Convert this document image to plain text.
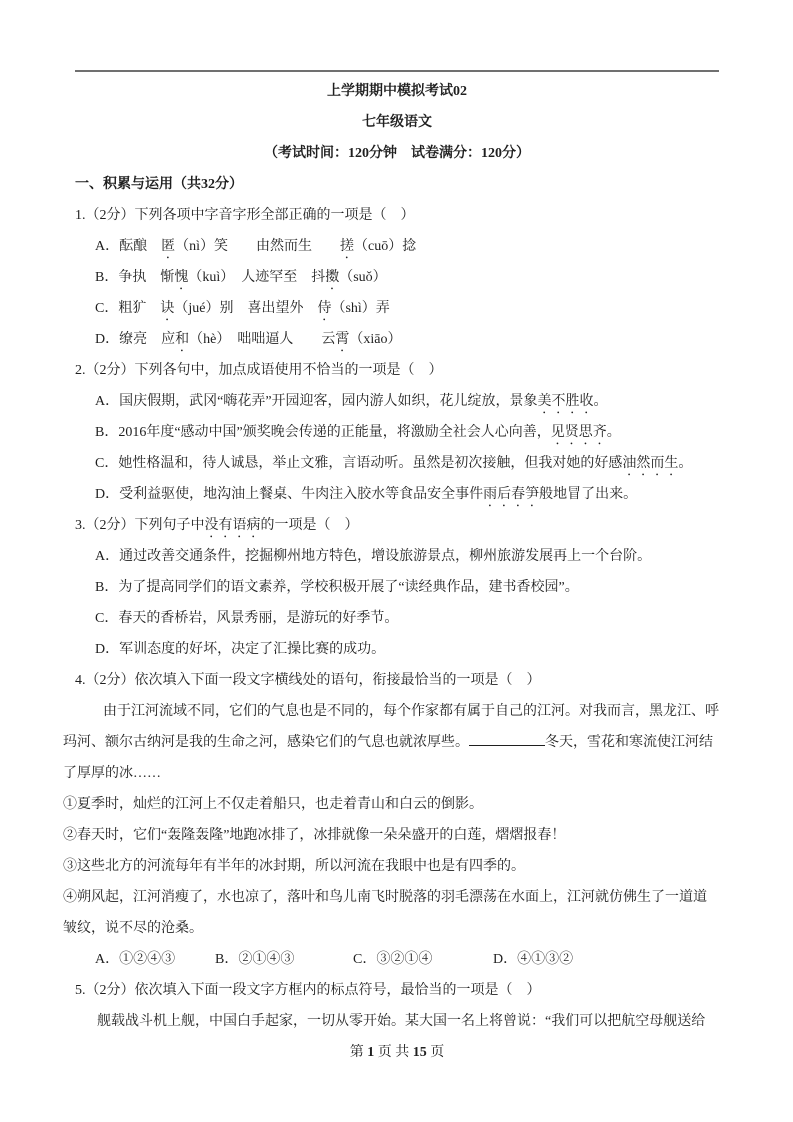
上学期期中模拟考试02
七年级语文
（考试时间：120分钟　试卷满分：120分）
一、积累与运用（共32分）
1.（2分）下列各项中字音字形全部正确的一项是（　）
A．酝酿　匿（nì）笑　　由然而生　　搓（cuō）捻
B．争执　惭愧（kuì）　人迹罕至　抖擞（suǒ）
C．粗犷　诀（jué）别　喜出望外　侍（shì）弄
D．缭亮　应和（hè）　咄咄逼人　　云霄（xiāo）
2.（2分）下列各句中，加点成语使用不恰当的一项是（　）
A．国庆假期，武冈“嗨花弄”开园迎客，园内游人如织，花儿绽放，景象美不胜收。
B．2016年度“感动中国”颁奖晚会传递的正能量，将激励全社会人心向善，见贤思齐。
C．她性格温和，待人诚恳，举止文雅，言语动听。虽然是初次接触，但我对她的好感油然而生。
D．受利益驱使，地沟油上餐桌、牛肉注入胶水等食品安全事件雨后春笋般地冒了出来。
3.（2分）下列句子中没有语病的一项是（　）
A．通过改善交通条件，挖掘柳州地方特色，增设旅游景点，柳州旅游发展再上一个台阶。
B．为了提高同学们的语文素养，学校积极开展了“读经典作品，建书香校园”。
C．春天的香桥岩，风景秀丽，是游玩的好季节。
D．军训态度的好坏，决定了汇操比赛的成功。
4.（2分）依次填入下面一段文字横线处的语句，衔接最恰当的一项是（　）
由于江河流域不同，它们的气息也是不同的，每个作家都有属于自己的江河。对我而言，黑龙江、呼
玛河、额尔古纳河是我的生命之河，感染它们的气息也就浓厚些。	冬天，雪花和寒流使江河结
了厚厚的冰……
①夏季时，灿烂的江河上不仅走着船只，也走着青山和白云的倒影。
②春天时，它们“轰隆轰隆”地跑冰排了，冰排就像一朵朵盛开的白莲，熠熠报春！
③这些北方的河流每年有半年的冰封期，所以河流在我眼中也是有四季的。
④朔风起，江河消瘦了，水也凉了，落叶和鸟儿南飞时脱落的羽毛漂荡在水面上，江河就仿佛生了一道道
皱纹，说不尽的沧桑。
A．①②④③	B．②①④③	C．③②①④	D．④①③②
5.（2分）依次填入下面一段文字方框内的标点符号，最恰当的一项是（　）
舰载战斗机上舰，中国白手起家，一切从零开始。某大国一名上将曾说：“我们可以把航空母舰送给
第 1 页 共 15 页
